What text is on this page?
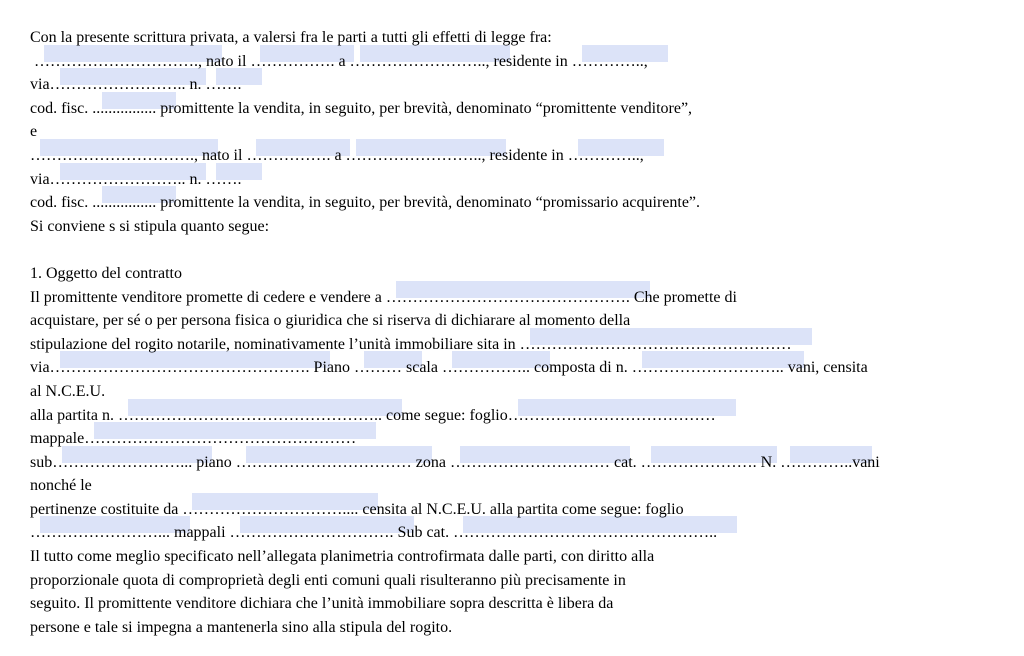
Con la presente scrittura privata, a valersi fra le parti a tutti gli effetti di legge fra:
…………………………., nato il ……………. a …………………….., residente in …………..,
via…………………….. n. …….
cod. fisc. ................ promittente la vendita, in seguito, per brevità, denominato “promittente venditore”,
e
…………………………., nato il ……………. a …………………….., residente in …………..,
via…………………….. n. …….
cod. fisc. ................ promittente la vendita, in seguito, per brevità, denominato “promissario acquirente”.
Si conviene s si stipula quanto segue:
1. Oggetto del contratto
Il promittente venditore promette di cedere e vendere a ………………………………………. Che promette di
acquistare, per sé o per persona fisica o giuridica che si riserva di dichiarare al momento della
stipulazione del rogito notarile, nominativamente l’unità immobiliare sita in ……………………………………………
via…………………………………………. Piano ……… scala …………….. composta di n. ……………………….. vani, censita
al N.C.E.U.
alla partita n. ………………………………………….. come segue: foglio…………………………………
mappale……………………………………………
sub……………………... piano …………………………… zona ………………………… cat. …………………. N. …………..vani
nonché le
pertinenze costituite da ………………………….... censita al N.C.E.U. alla partita come segue: foglio
……………………... mappali …………………………. Sub cat. …………………………………………..
Il tutto come meglio specificato nell’allegata planimetria controfirmata dalle parti, con diritto alla
proporzionale quota di comproprietà degli enti comuni quali risulteranno più precisamente in
seguito. Il promittente venditore dichiara che l’unità immobiliare sopra descritta è libera da
persone e tale si impegna a mantenerla sino alla stipula del rogito.
